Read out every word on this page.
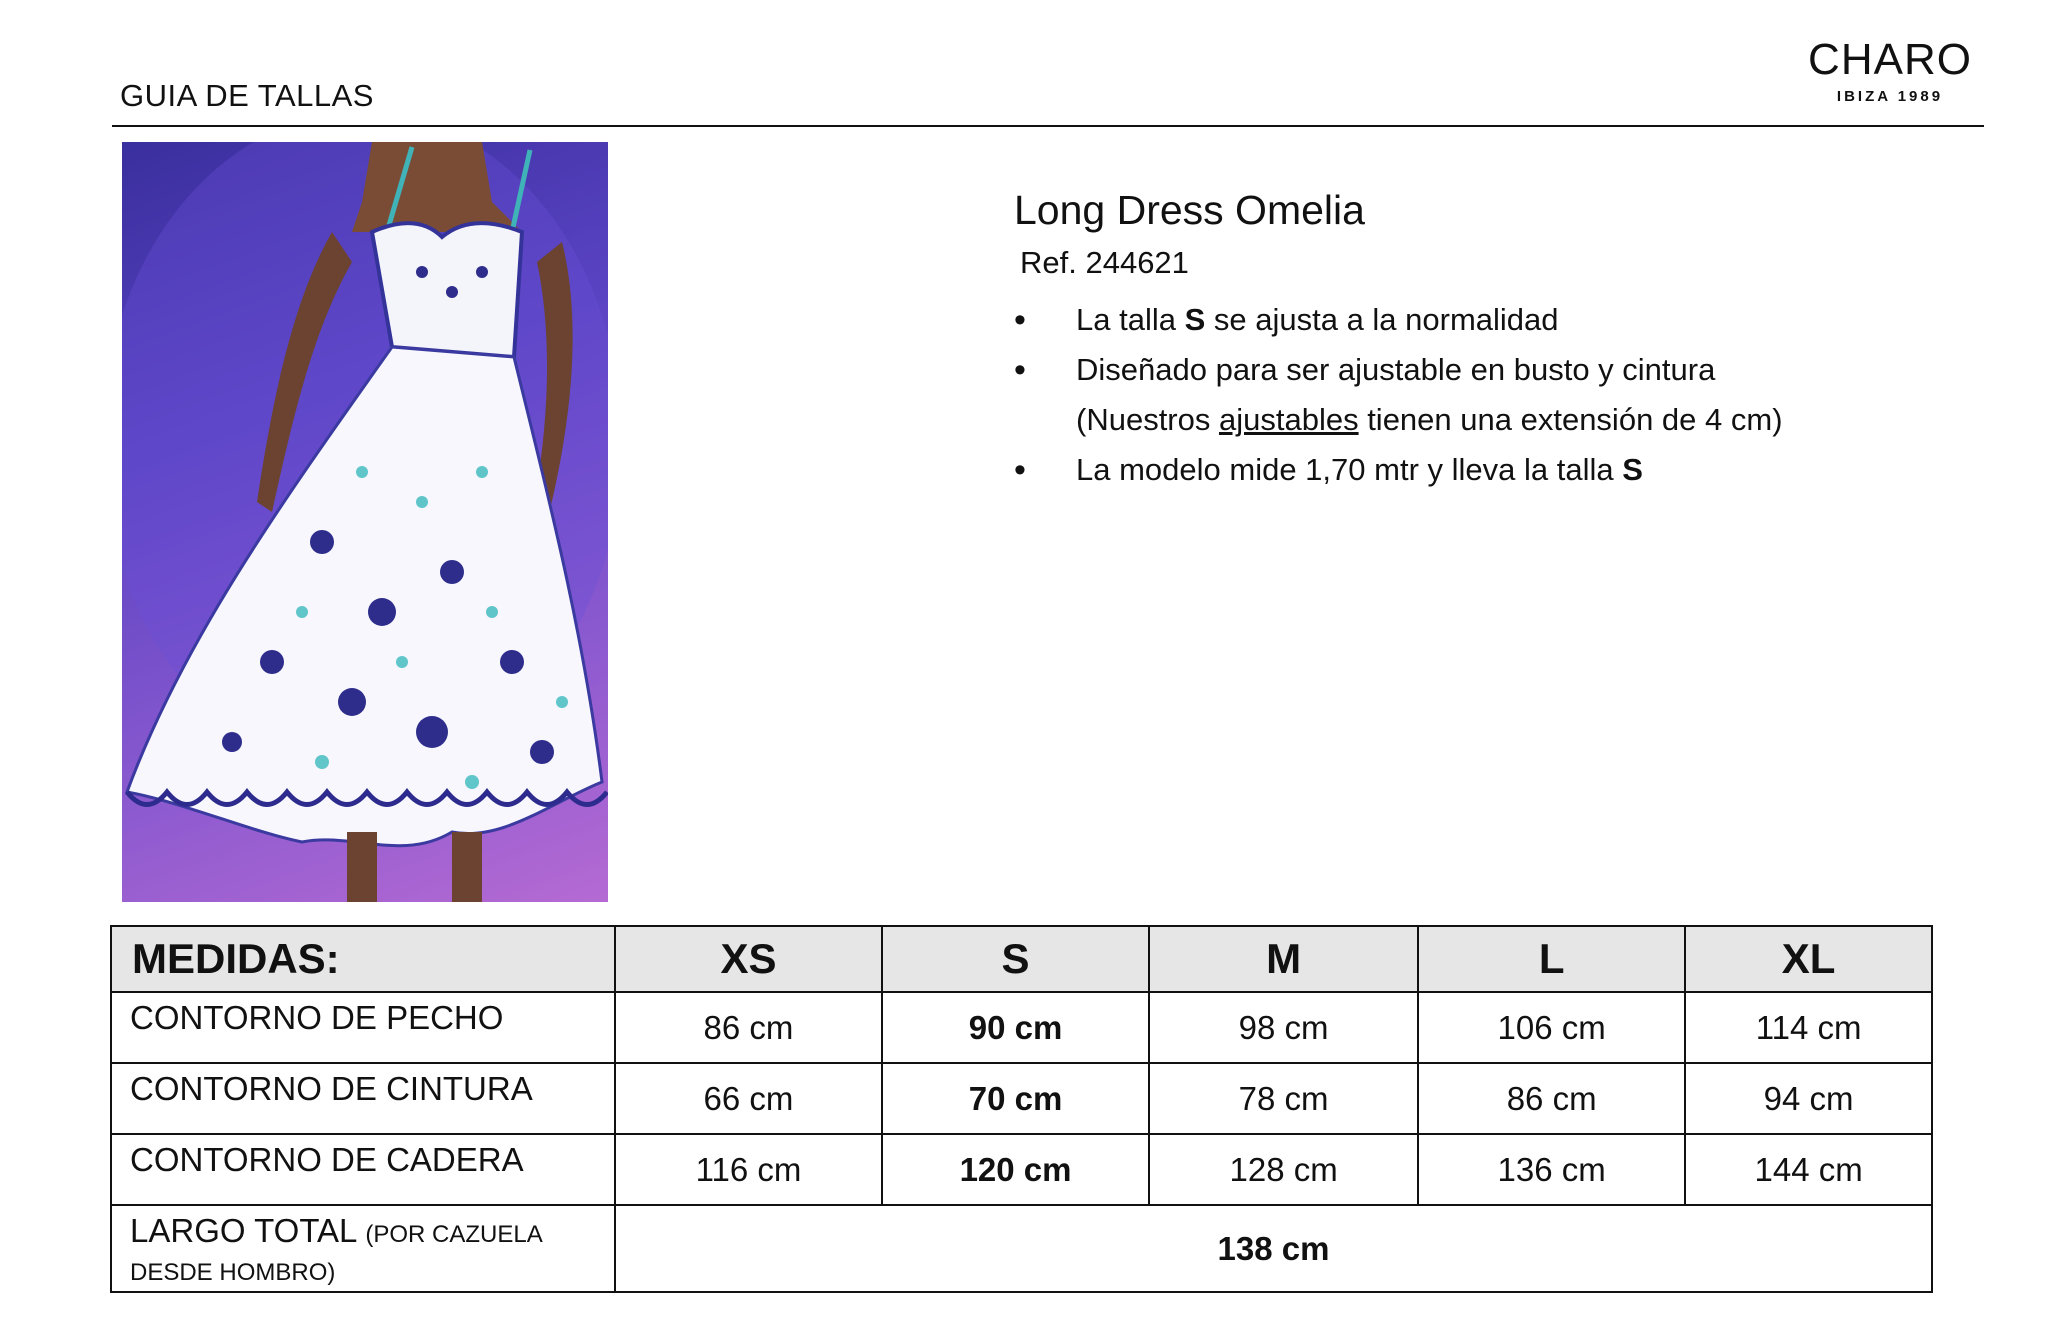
GUIA DE TALLAS
CHARO
IBIZA 1989
Long Dress Omelia
Ref. 244621
• La talla S se ajusta a la normalidad
• Diseñado para ser ajustable en busto y cintura
(Nuestros ajustables tienen una extensión de 4 cm)
• La modelo mide 1,70 mtr y lleva la talla S
MEDIDAS:	XS	S	M	L	XL
CONTORNO DE PECHO	86 cm	90 cm	98 cm	106 cm	114 cm
CONTORNO DE CINTURA	66 cm	70 cm	78 cm	86 cm	94 cm
CONTORNO DE CADERA	116 cm	120 cm	128 cm	136 cm	144 cm
LARGO TOTAL (POR CAZUELA DESDE HOMBRO)	138 cm				
